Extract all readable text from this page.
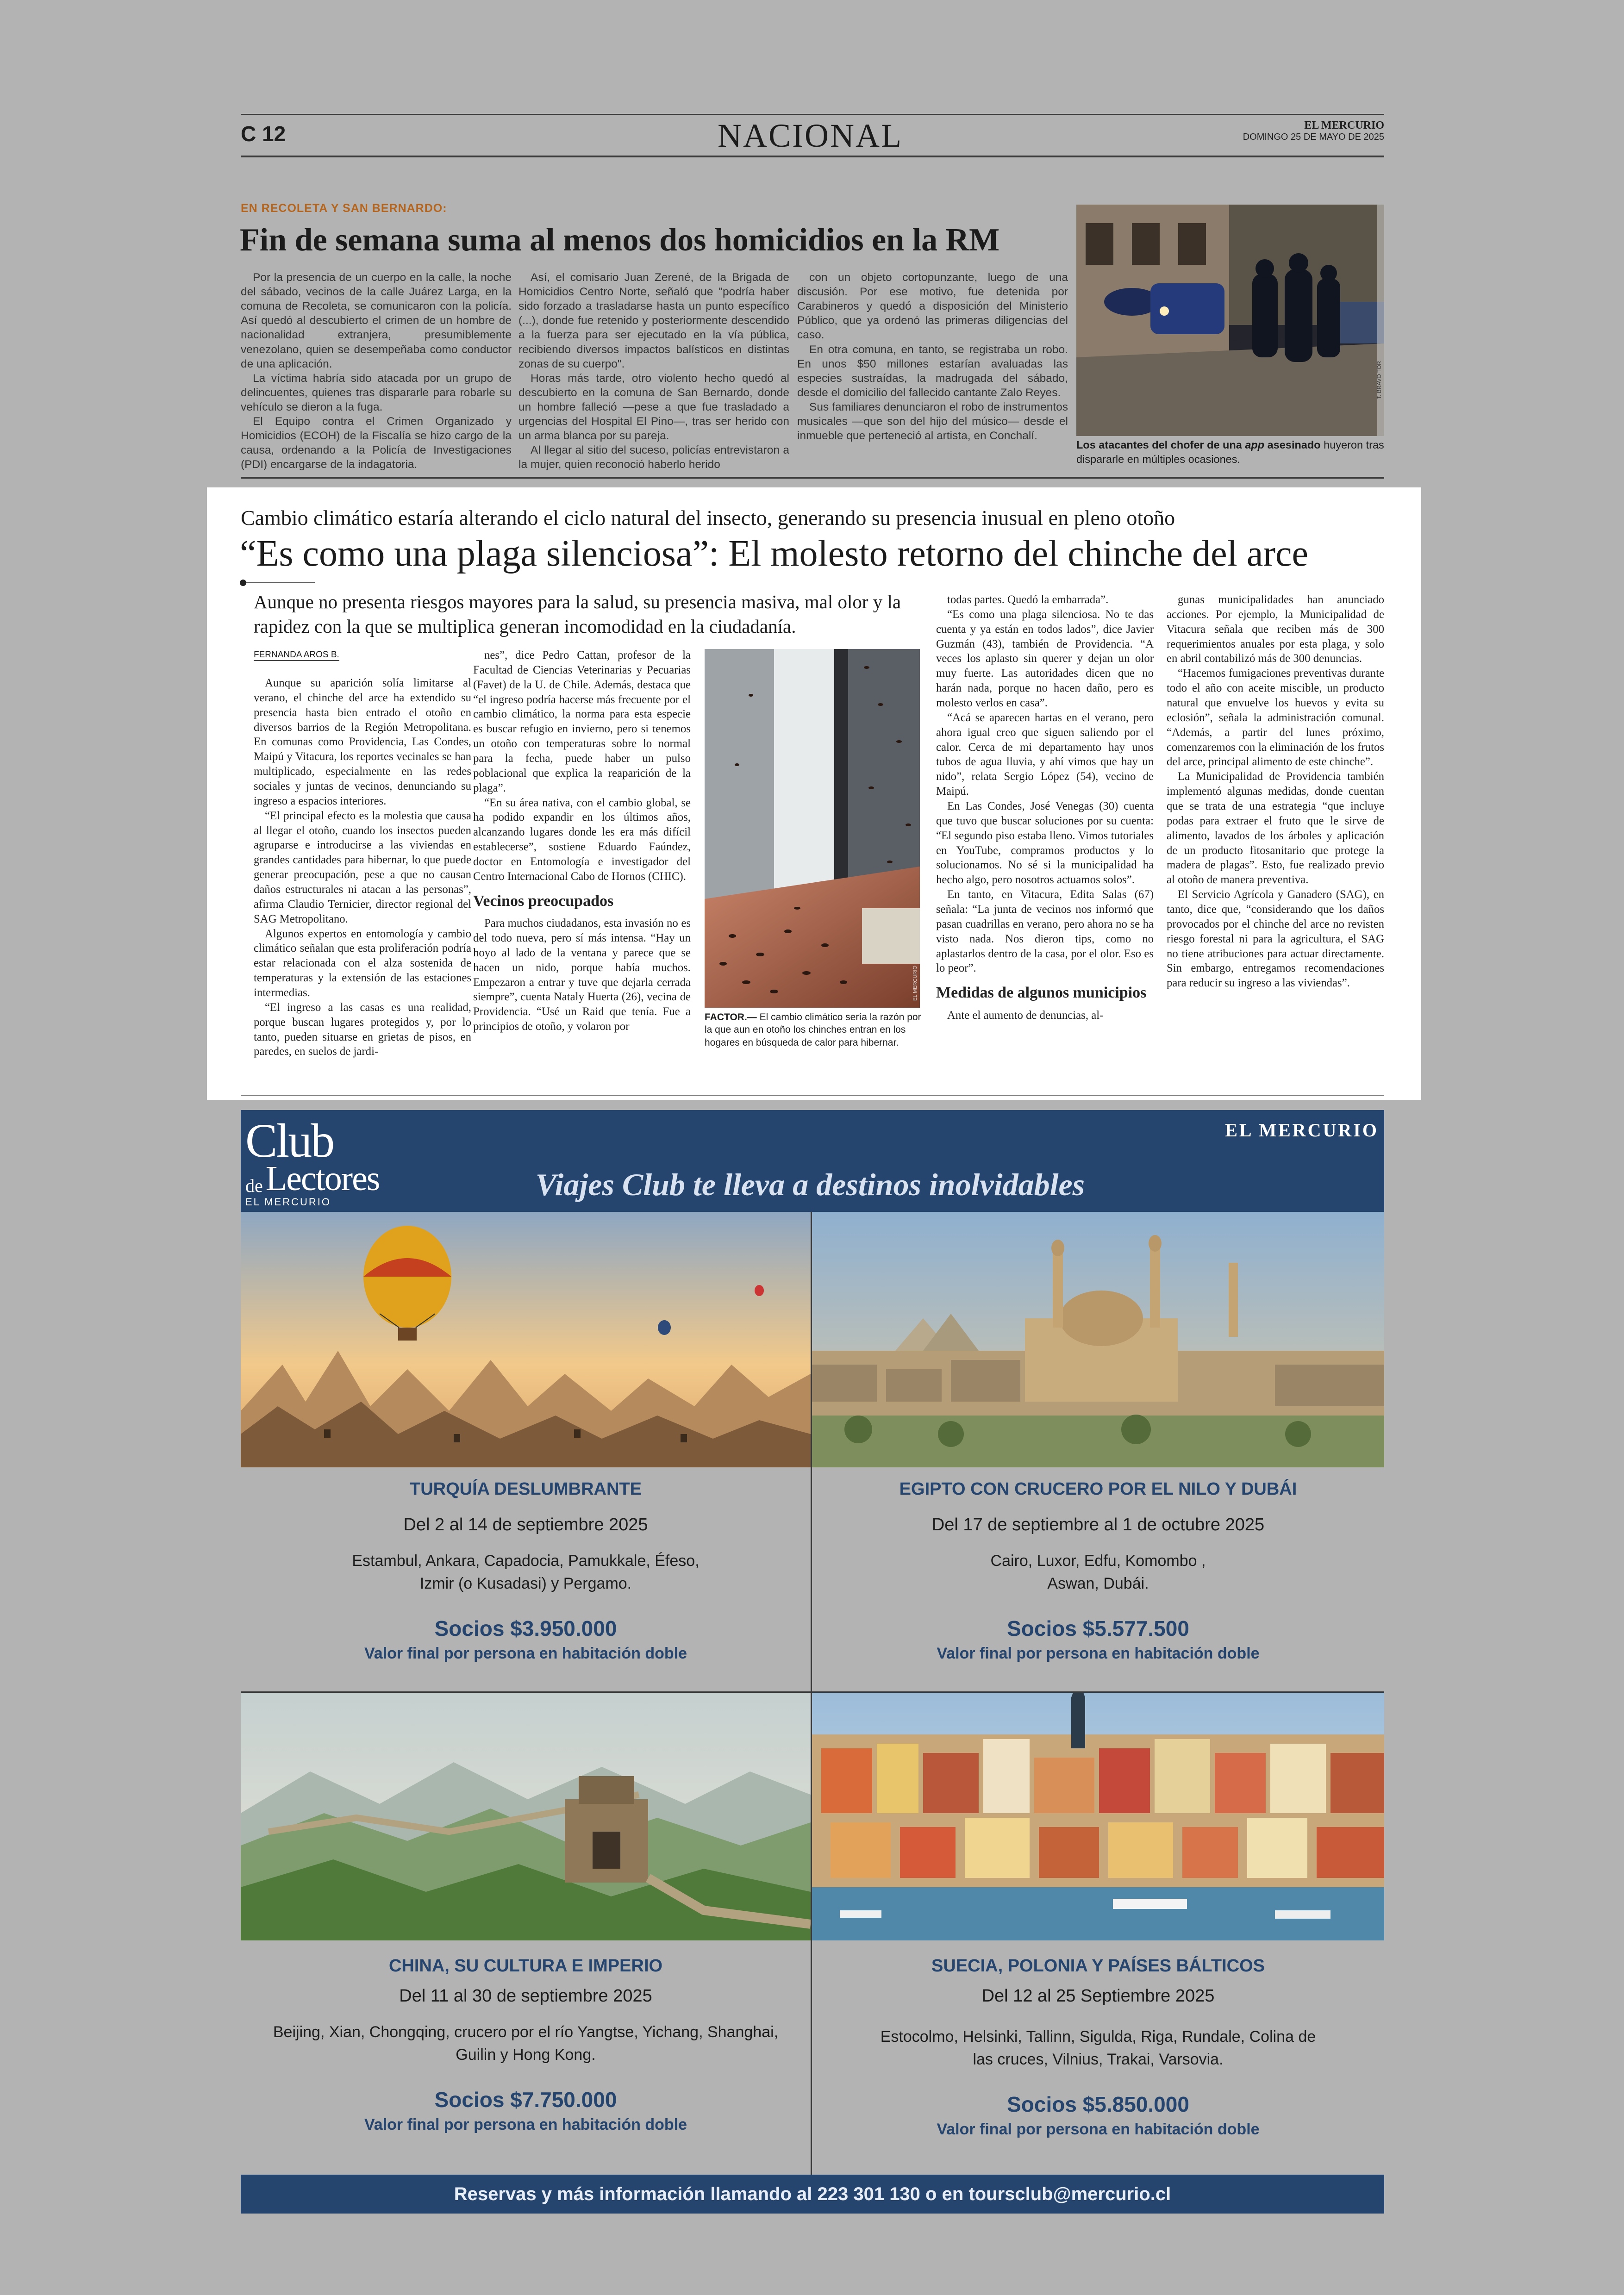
C 12	NACIONAL	EL MERCURIO
DOMINGO 25 DE MAYO DE 2025
EN RECOLETA Y SAN BERNARDO:
Fin de semana suma al menos dos homicidios en la RM

Por la presencia de un cuerpo en la calle, la noche del sábado, vecinos de la calle Juárez Larga, en la comuna de Recoleta, se comunicaron con la policía. Así quedó al descubierto el crimen de un hombre de nacionalidad extranjera, presumiblemente venezolano, quien se desempeñaba como conductor de una aplicación.

La víctima habría sido atacada por un grupo de delincuentes, quienes tras dispararle para robarle su vehículo se dieron a la fuga.

El Equipo contra el Crimen Organizado y Homicidios (ECOH) de la Fiscalía se hizo cargo de la causa, ordenando a la Policía de Investigaciones (PDI) encargarse de la indagatoria.

Así, el comisario Juan Zerené, de la Brigada de Homicidios Centro Norte, señaló que "podría haber sido forzado a trasladarse hasta un punto específico (...), donde fue retenido y posteriormente descendido a la fuerza para ser ejecutado en la vía pública, recibiendo diversos impactos balísticos en distintas zonas de su cuerpo".

Horas más tarde, otro violento hecho quedó al descubierto en la comuna de San Bernardo, donde un hombre falleció —pese a que fue trasladado a urgencias del Hospital El Pino—, tras ser herido con un arma blanca por su pareja.

Al llegar al sitio del suceso, policías entrevistaron a la mujer, quien reconoció haberlo herido

con un objeto cortopunzante, luego de una discusión. Por ese motivo, fue detenida por Carabineros y quedó a disposición del Ministerio Público, que ya ordenó las primeras diligencias del caso.

En otra comuna, en tanto, se registraba un robo. En unos $50 millones estarían avaluadas las especies sustraídas, la madrugada del sábado, desde el domicilio del fallecido cantante Zalo Reyes.

Sus familiares denunciaron el robo de instrumentos musicales —que son del hijo del músico— desde el inmueble que perteneció al artista, en Conchalí.

T. BRAVO TOR
Los atacantes del chofer de una app asesinado huyeron tras dispararle en múltiples ocasiones.
Cambio climático estaría alterando el ciclo natural del insecto, generando su presencia inusual en pleno otoño
“Es como una plaga silenciosa”: El molesto retorno del chinche del arce
Aunque no presenta riesgos mayores para la salud, su presencia masiva, mal olor y la rapidez con la que se multiplica generan incomodidad en la ciudadanía.
FERNANDA AROS B.

Aunque su aparición solía limitarse al verano, el chinche del arce ha extendido su presencia hasta bien entrado el otoño en diversos barrios de la Región Metropolitana. En comunas como Providencia, Las Condes, Maipú y Vitacura, los reportes vecinales se han multiplicado, especialmente en las redes sociales y juntas de vecinos, denunciando su ingreso a espacios interiores.

“El principal efecto es la molestia que causa al llegar el otoño, cuando los insectos pueden agruparse e introducirse a las viviendas en grandes cantidades para hibernar, lo que puede generar preocupación, pese a que no causan daños estructurales ni atacan a las personas”, afirma Claudio Ternicier, director regional del SAG Metropolitano.

Algunos expertos en entomología y cambio climático señalan que esta proliferación podría estar relacionada con el alza sostenida de temperaturas y la extensión de las estaciones intermedias.

“El ingreso a las casas es una realidad, porque buscan lugares protegidos y, por lo tanto, pueden situarse en grietas de pisos, en paredes, en suelos de jardi-

nes”, dice Pedro Cattan, profesor de la Facultad de Ciencias Veterinarias y Pecuarias (Favet) de la U. de Chile. Además, destaca que “el ingreso podría hacerse más frecuente por el cambio climático, la norma para esta especie es buscar refugio en invierno, pero si tenemos un otoño con temperaturas sobre lo normal para la fecha, puede haber un pulso poblacional que explica la reaparición de la plaga”.

“En su área nativa, con el cambio global, se ha podido expandir en los últimos años, alcanzando lugares donde les era más difícil establecerse”, sostiene Eduardo Faúndez, doctor en Entomología e investigador del Centro Internacional Cabo de Hornos (CHIC).

Vecinos preocupados

Para muchos ciudadanos, esta invasión no es del todo nueva, pero sí más intensa. “Hay un hoyo al lado de la ventana y parece que se hacen un nido, porque había muchos. Empezaron a entrar y tuve que dejarla cerrada siempre”, cuenta Nataly Huerta (26), vecina de Providencia. “Usé un Raid que tenía. Fue a principios de otoño, y volaron por

EL MERCURIO
FACTOR.— El cambio climático sería la razón por la que aun en otoño los chinches entran en los hogares en búsqueda de calor para hibernar.

todas partes. Quedó la embarrada”.

“Es como una plaga silenciosa. No te das cuenta y ya están en todos lados”, dice Javier Guzmán (43), también de Providencia. “A veces los aplasto sin querer y dejan un olor muy fuerte. Las autoridades dicen que no harán nada, porque no hacen daño, pero es molesto verlos en casa”.

“Acá se aparecen hartas en el verano, pero ahora igual creo que siguen saliendo por el calor. Cerca de mi departamento hay unos tubos de agua lluvia, y ahí vimos que hay un nido”, relata Sergio López (54), vecino de Maipú.

En Las Condes, José Venegas (30) cuenta que tuvo que buscar soluciones por su cuenta: “El segundo piso estaba lleno. Vimos tutoriales en YouTube, compramos productos y lo solucionamos. No sé si la municipalidad ha hecho algo, pero nosotros actuamos solos”.

En tanto, en Vitacura, Edita Salas (67) señala: “La junta de vecinos nos informó que pasan cuadrillas en verano, pero ahora no se ha visto nada. Nos dieron tips, como no aplastarlos dentro de la casa, por el olor. Eso es lo peor”.

Medidas de algunos municipios

Ante el aumento de denuncias, al-

gunas municipalidades han anunciado acciones. Por ejemplo, la Municipalidad de Vitacura señala que reciben más de 300 requerimientos anuales por esta plaga, y solo en abril contabilizó más de 300 denuncias.

“Hacemos fumigaciones preventivas durante todo el año con aceite miscible, un producto natural que envuelve los huevos y evita su eclosión”, señala la administración comunal. “Además, a partir del lunes próximo, comenzaremos con la eliminación de los frutos del arce, principal alimento de este chinche”.

La Municipalidad de Providencia también implementó algunas medidas, donde cuentan que se trata de una estrategia “que incluye podas para extraer el fruto que le sirve de alimento, lavados de los árboles y aplicación de un producto fitosanitario que protege la madera de plagas”. Esto, fue realizado previo al otoño de manera preventiva.

El Servicio Agrícola y Ganadero (SAG), en tanto, dice que, “considerando que los daños provocados por el chinche del arce no revisten riesgo forestal ni para la agricultura, el SAG no tiene atribuciones para actuar directamente. Sin embargo, entregamos recomendaciones para reducir su ingreso a las viviendas”.

Club
de Lectores
EL MERCURIO
EL MERCURIO
Viajes Club te lleva a destinos inolvidables
TURQUÍA DESLUMBRANTE
Del 2 al 14 de septiembre 2025
Estambul, Ankara, Capadocia, Pamukkale, Éfeso,
Izmir (o Kusadasi) y Pergamo.
Socios $3.950.000
Valor final por persona en habitación doble
EGIPTO CON CRUCERO POR EL NILO Y DUBÁI
Del 17 de septiembre al 1 de octubre 2025
Cairo, Luxor, Edfu, Komombo ,
Aswan, Dubái.
Socios $5.577.500
Valor final por persona en habitación doble
CHINA, SU CULTURA E IMPERIO
Del 11 al 30 de septiembre 2025
Beijing, Xian, Chongqing, crucero por el río Yangtse, Yichang, Shanghai,
Guilin y Hong Kong.
Socios $7.750.000
Valor final por persona en habitación doble
SUECIA, POLONIA Y PAÍSES BÁLTICOS
Del 12 al 25 Septiembre 2025
Estocolmo, Helsinki, Tallinn, Sigulda, Riga, Rundale, Colina de
las cruces, Vilnius, Trakai, Varsovia.
Socios $5.850.000
Valor final por persona en habitación doble
Reservas y más información llamando al 223 301 130 o en toursclub@mercurio.cl
